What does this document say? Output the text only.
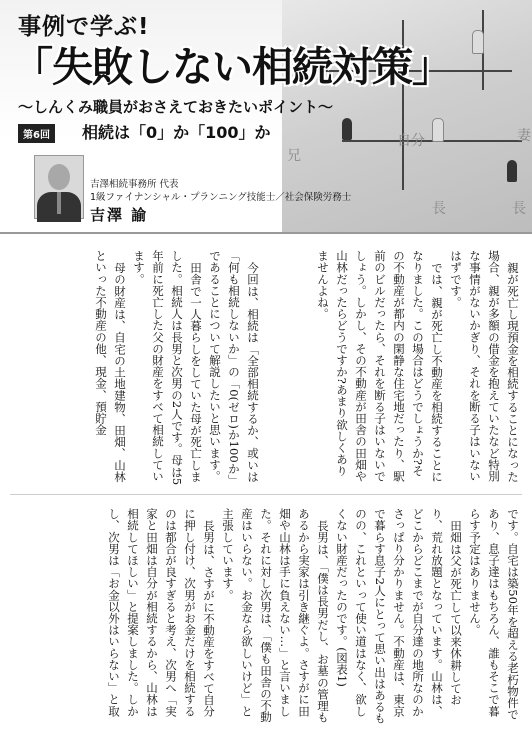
自分
兄
妻
長	長
事例で学ぶ!
「失敗しない相続対策」
〜しんくみ職員がおさえておきたいポイント〜
第6回	相続は「0」か「100」か
吉澤相続事務所 代表
1級ファイナンシャル・プランニング技能士／社会保険労務士
吉澤 諭

親が死亡し現預金を相続することになった場合、親が多額の借金を抱えていたなど特別な事情がないかぎり、それを断る子はいないはずです。

では、親が死亡し不動産を相続することになりました。この場合はどうでしょうか?その不動産が都内の閑静な住宅地だったり、駅前のビルだったら、それを断る子はいないでしょう。しかし、その不動産が田舎の田畑や山林だったらどうですか?あまり欲しくありませんよね。

今回は、相続は「全部相続するか、或いは「何も相続しないか」の「0(ゼロ)か100か」であることについて解説したいと思います。

田舎で一人暮らしをしていた母が死亡しました。相続人は長男と次男の2人です。母は5年前に死亡した父の財産をすべて相続しています。

母の財産は、自宅の土地建物、田畑、山林といった不動産の他、現金、預貯金

です。自宅は築50年を超える老朽物件であり、息子達はもちろん、誰もそこで暮らす予定はありません。

田畑は父が死亡して以来休耕しており、荒れ放題となっています。山林は、どこからどこまでが自分達の地所なのかさっぱり分かりません。不動産は、東京で暮らす息子2人にとって思い出はあるものの、これといって使い道はなく、欲しくない財産だったのです。(図表1)

長男は、「僕は長男だし、お墓の管理もあるから実家は引き継ぐよ。さすがに田畑や山林は手に負えない…」と言いました。それに対し次男は、「僕も田舎の不動産はいらない。お金なら欲しいけど」と主張しています。

長男は、さすがに不動産をすべて自分に押し付け、次男がお金だけを相続するのは都合が良すぎると考え、次男へ「実家と田畑は自分が相続するから、山林は相続してほしい」と提案しました。しかし、次男は「お金以外はいらない」と取
